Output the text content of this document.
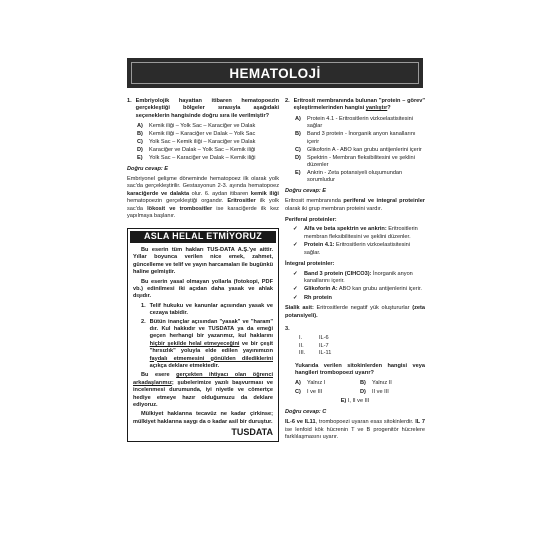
HEMATOLOJİ
1. Embriyolojik hayattan itibaren hematopoezin gerçekleştiği bölgeler sırasıyla aşağıdaki seçeneklerin hangisinde doğru sıra ile verilmiştir?
A) Kemik iliği – Yolk Sac – Karaciğer ve Dalak
B) Kemik iliği – Karaciğer ve Dalak – Yolk Sac
C) Yolk Sac – Kemik iliği – Karaciğer ve Dalak
D) Karaciğer ve Dalak – Yolk Sac – Kemik iliği
E) Yolk Sac – Karaciğer ve Dalak – Kemik iliği
Doğru cevap: E
Embriyonel gelişme döneminde hematopoez ilk olarak yolk sac'da gerçekleştirilir. Gestasyonun 2-3. ayında hematopoez karaciğerde ve dalakta olur. 6. aydan itibaren kemik iliği hematopoezin gerçekleştiği organdır. Eritrositler ilk yolk sac'da lökosit ve trombositler ise karaciğerde ilk kez yapılmaya başlanır.
ASLA HELAL ETMİYORUZ

Bu eserin tüm hakları TUS-DATA A.Ş.'ye aittir. Yıllar boyunca verilen nice emek, zahmet, güncelleme ve telif ve yayın harcamaları ile bugünkü haline gelmiştir.

Bu eserin yasal olmayan yollarla (fotokopi, PDF vb.) edinilmesi iki açıdan daha yasak ve ahlak dışıdır.

1. Telif hukuku ve kanunlar açısından yasak ve cezaya tabidir.
2. Bütün inançlar açısından "yasak" ve "haram" dır. Kul hakkıdır ve TUSDATA ya da emeği geçen herhangi bir yazarımız, kul haklarını hiçbir şekilde helal etmeyeceğini ve bir çeşit "hırsızlık" yoluyla elde edilen yayınımızın faydalı etmemesini gönülden dilediklerini açıkça deklare etmektedir.

Bu esere gerçekten ihtiyacı olan öğrenci arkadaşlarımız; şubelerimize yazılı başvurması ve incelenmesi durumunda, iyi niyetle ve cömertçe hediye etmeye hazır olduğumuzu da deklare ediyoruz.

Mülkiyet haklarına tecavüz ne kadar çirkinse; mülkiyet haklarına saygı da o kadar asil bir duruştur.

TUSDATA
2. Eritrosit membranında bulunan "protein – görev" eşleştirmelerinden hangisi yanlıştır?
A) Protein 4.1 - Eritrositlerin vizkoelastisitesini sağlar
B) Band 3 protein - İnorganik anyon kanallarını içerir
C) Glikoforin A - ABO kan grubu antijenlerini içerir
D) Spektrin - Membran fleksibilitesini ve şeklini düzenler
E) Ankrin - Zeta potansiyeli oluşumundan sorumludur
Doğru cevap: E
Eritrosit membranında periferal ve integral proteinler olarak iki grup membran proteini vardır.
Periferal proteinler:
✓	Alfa ve beta spektrin ve ankrin: Eritrositlerin membran fleksibilitesini ve şeklini düzenler.
✓	Protein 4.1: Eritrositlerin vizkoelastisitesini sağlar.
İntegral proteinler:
✓	Band 3 protein (CIHCO3): İnorganik anyon kanallarını içerir.
✓	Glikoforin A: ABO kan grubu antijenlerini içerir.
✓	Rh protein
Sialik asit: Eritrositlerde negatif yük oluştururlar (zeta potansiyeli).
3.
I.	IL-6
II.	IL-7
III.	IL-11
Yukarıda verilen sitokinlerden hangisi veya hangileri trombopoezi uyarır?
A) Yalnız I	B) Yalnız II
C) I ve III	D) II ve III
E) I, II ve III
Doğru cevap: C
IL-6 ve IL11, trombopoezi uyaran esas sitokinlerdir. IL 7 ise lenfoid kök hücrenin T ve B progenitör hücrelere farklılaşmasını uyarır.
